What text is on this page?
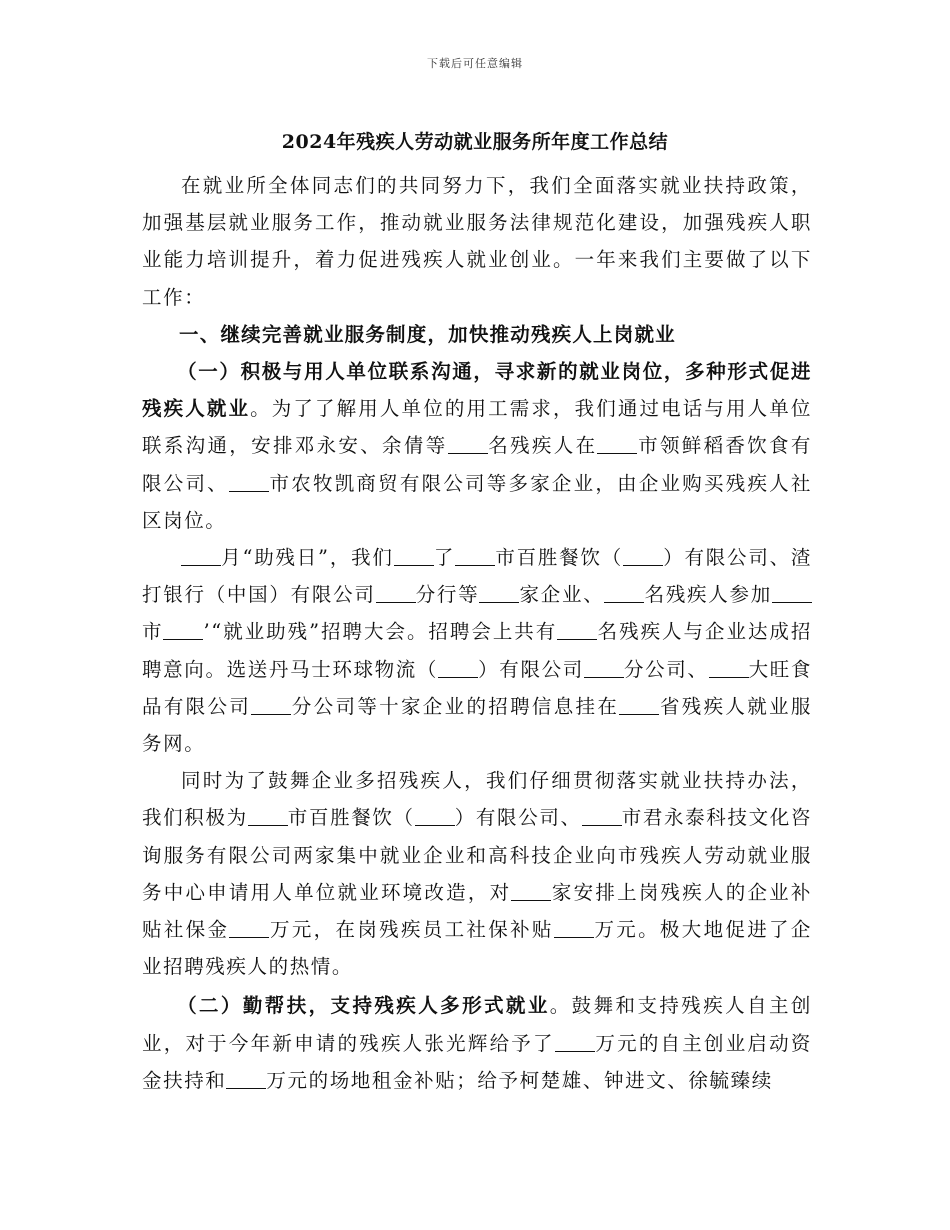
下载后可任意编辑
2024年残疾人劳动就业服务所年度工作总结

在就业所全体同志们的共同努力下，我们全面落实就业扶持政策，加强基层就业服务工作，推动就业服务法律规范化建设，加强残疾人职业能力培训提升，着力促进残疾人就业创业。一年来我们主要做了以下工作：

一、继续完善就业服务制度，加快推动残疾人上岗就业

（一）积极与用人单位联系沟通，寻求新的就业岗位，多种形式促进残疾人就业。为了了解用人单位的用工需求，我们通过电话与用人单位联系沟通，安排邓永安、余倩等 名残疾人在 市领鲜稻香饮食有限公司、 市农牧凯商贸有限公司等多家企业，由企业购买残疾人社区岗位。

月“助残日”，我们 了 市百胜餐饮（ ）有限公司、渣打银行（中国）有限公司 分行等 家企业、 名残疾人参加市 ’“就业助残”招聘大会。招聘会上共有 名残疾人与企业达成招聘意向。选送丹马士环球物流（ ）有限公司 分公司、 大旺食品有限公司 分公司等十家企业的招聘信息挂在 省残疾人就业服务网。

同时为了鼓舞企业多招残疾人，我们仔细贯彻落实就业扶持办法，我们积极为 市百胜餐饮（ ）有限公司、 市君永泰科技文化咨询服务有限公司两家集中就业企业和高科技企业向市残疾人劳动就业服务中心申请用人单位就业环境改造，对 家安排上岗残疾人的企业补贴社保金 万元，在岗残疾员工社保补贴 万元。极大地促进了企业招聘残疾人的热情。

（二）勤帮扶，支持残疾人多形式就业。鼓舞和支持残疾人自主创业，对于今年新申请的残疾人张光辉给予了 万元的自主创业启动资金扶持和 万元的场地租金补贴；给予柯楚雄、钟进文、徐毓臻续
